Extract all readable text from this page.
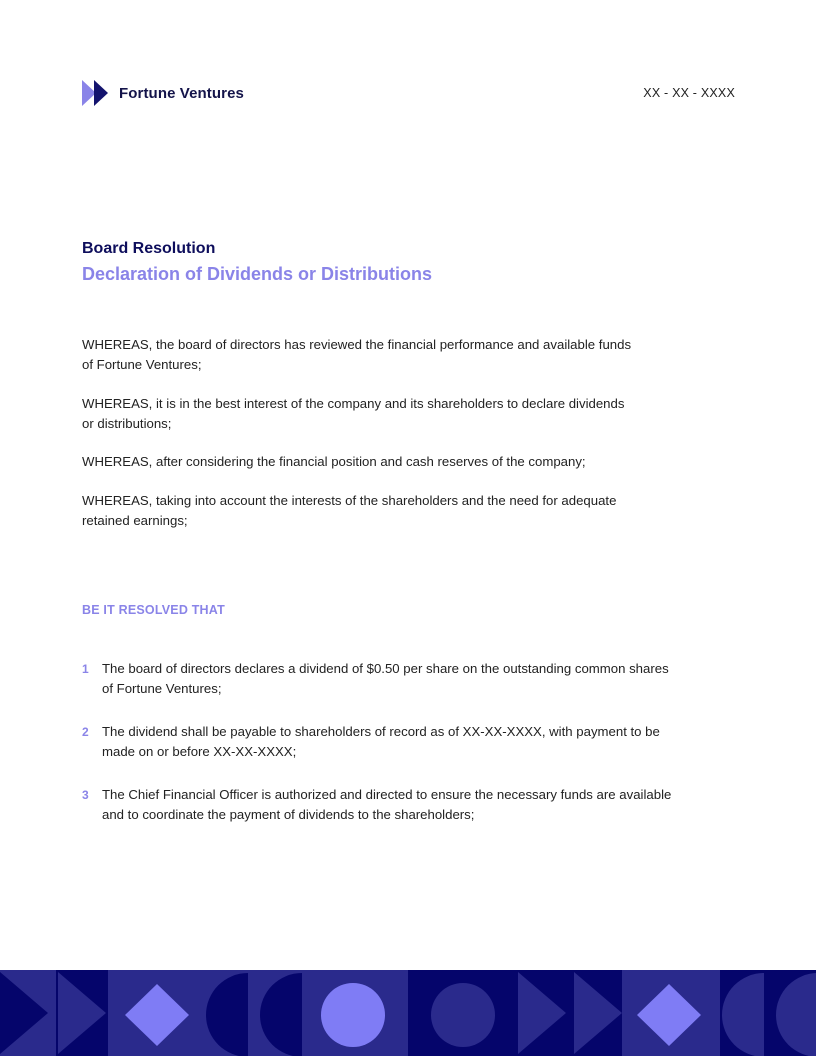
Fortune Ventures	XX - XX - XXXX
Board Resolution
Declaration of Dividends or Distributions

WHEREAS, the board of directors has reviewed the financial performance and available funds
of Fortune Ventures;

WHEREAS, it is in the best interest of the company and its shareholders to declare dividends
or distributions;

WHEREAS, after considering the financial position and cash reserves of the company;

WHEREAS, taking into account the interests of the shareholders and the need for adequate
retained earnings;

BE IT RESOLVED THAT
1	The board of directors declares a dividend of $0.50 per share on the outstanding common shares
of Fortune Ventures;
2	The dividend shall be payable to shareholders of record as of XX-XX-XXXX, with payment to be
made on or before XX-XX-XXXX;
3	The Chief Financial Officer is authorized and directed to ensure the necessary funds are available
and to coordinate the payment of dividends to the shareholders;
